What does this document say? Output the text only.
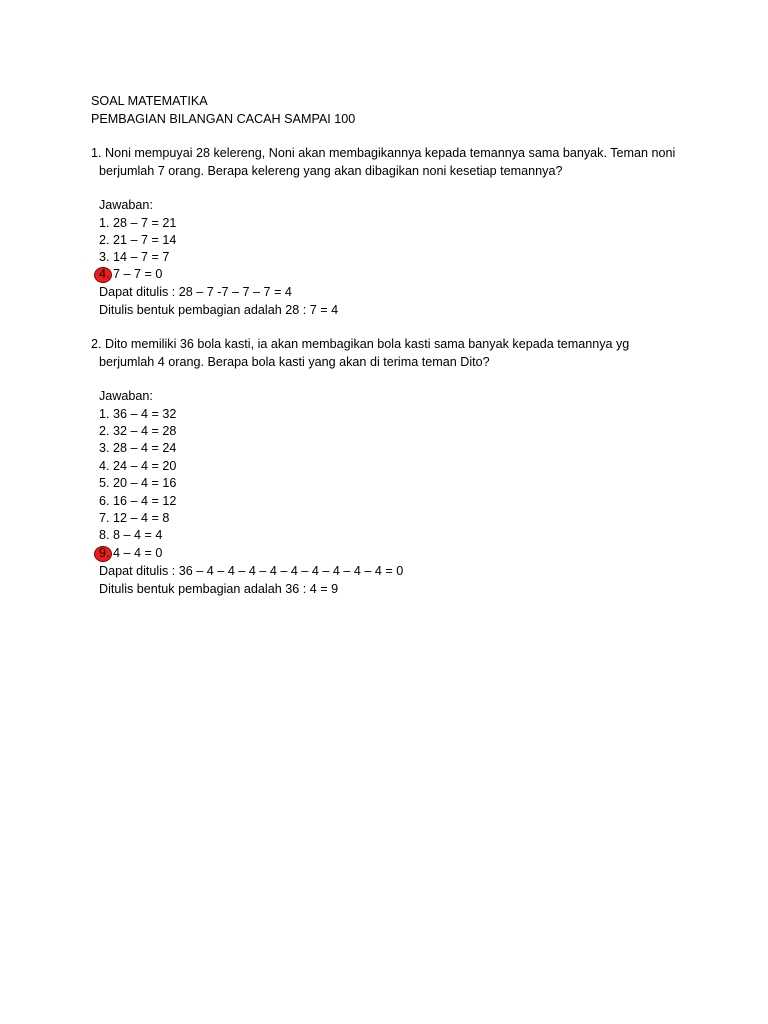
SOAL MATEMATIKA
PEMBAGIAN BILANGAN CACAH SAMPAI 100
1. Noni mempuyai 28 kelereng, Noni akan membagikannya kepada temannya sama banyak. Teman noni
berjumlah 7 orang. Berapa kelereng yang akan dibagikan noni kesetiap temannya?
Jawaban:
1. 28 – 7 = 21
2. 21 – 7 = 14
3. 14 – 7 = 7
4. 7 – 7 = 0
Dapat ditulis : 28 – 7 -7 – 7 – 7 = 4
Ditulis bentuk pembagian adalah 28 : 7 = 4
2. Dito memiliki 36 bola kasti, ia akan membagikan bola kasti sama banyak kepada temannya yg
berjumlah 4 orang. Berapa bola kasti yang akan di terima teman Dito?
Jawaban:
1. 36 – 4 = 32
2. 32 – 4 = 28
3. 28 – 4 = 24
4. 24 – 4 = 20
5. 20 – 4 = 16
6. 16 – 4 = 12
7. 12 – 4 = 8
8. 8 – 4 = 4
9. 4 – 4 = 0
Dapat ditulis : 36 – 4 – 4 – 4 – 4 – 4 – 4 – 4 – 4 – 4 = 0
Ditulis bentuk pembagian adalah 36 : 4 = 9
